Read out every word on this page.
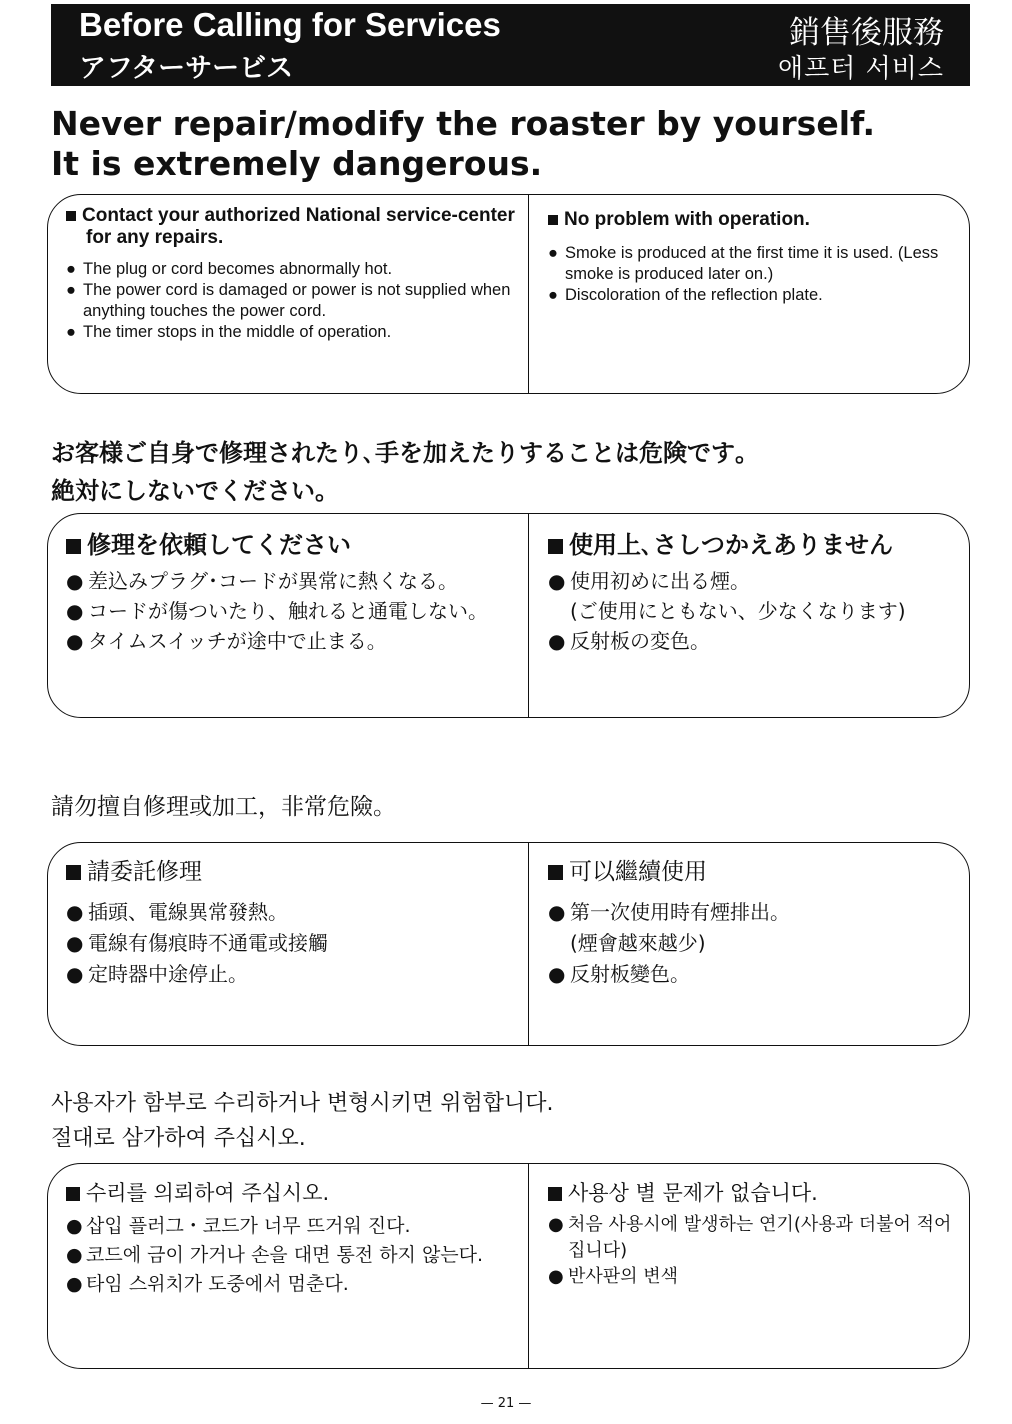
Before Calling for Services
アフターサービス
銷售後服務
애프터 서비스
Never repair/modify the roaster by yourself.
It is extremely dangerous.
Contact your authorized National service-center for any repairs.
● The plug or cord becomes abnormally hot.
● The power cord is damaged or power is not supplied when anything touches the power cord.
● The timer stops in the middle of operation.
No problem with operation.
● Smoke is produced at the first time it is used. (Less smoke is produced later on.)
● Discoloration of the reflection plate.
お客様ご自身で修理されたり､手を加えたりすることは危険です｡
絶対にしないでください｡
修理を依頼してください
● 差込みプラグ･コードが異常に熱くなる。
● コードが傷ついたり、触れると通電しない。
● タイムスイッチが途中で止まる。
使用上､さしつかえありません
● 使用初めに出る煙。
(ご使用にともない、少なくなります)
● 反射板の変色。
請勿擅自修理或加工，非常危險。
請委託修理
● 插頭、電線異常發熱。
● 電線有傷痕時不通電或接觸
● 定時器中途停止。
可以繼續使用
● 第一次使用時有煙排出。
(煙會越來越少)
● 反射板變色。
사용자가 함부로 수리하거나 변형시키면 위험합니다.
절대로 삼가하여 주십시오.
수리를 의뢰하여 주십시오.
● 삽입 플러그・코드가 너무 뜨거워 진다.
● 코드에 금이 가거나 손을 대면 통전 하지 않는다.
● 타임 스위치가 도중에서 멈춘다.
사용상 별 문제가 없습니다.
● 처음 사용시에 발생하는 연기(사용과 더불어 적어집니다)
● 반사판의 변색
— 21 —
